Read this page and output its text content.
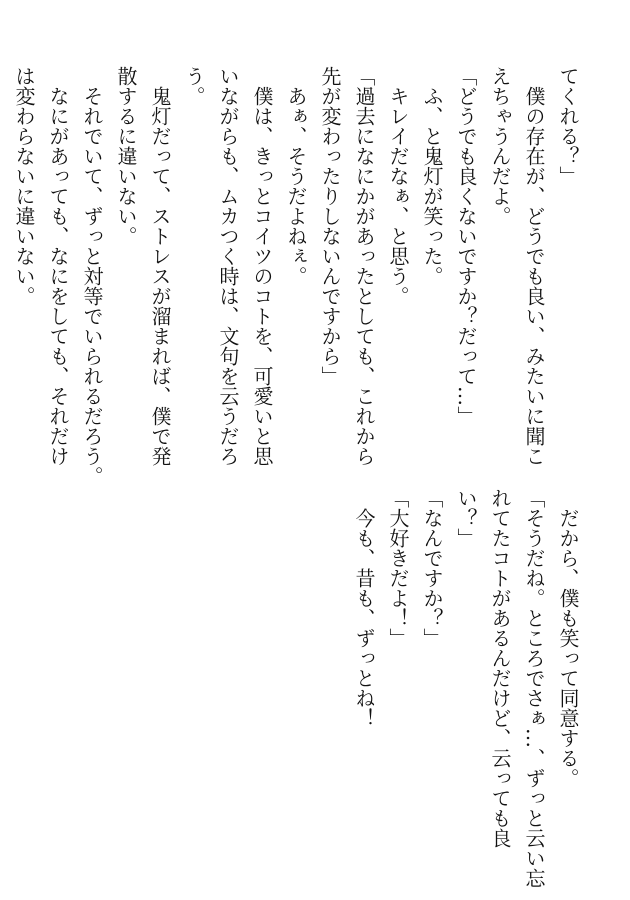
てくれる？」
　僕の存在が、どうでも良い、みたいに聞こ
えちゃうんだよ。
「どうでも良くないですか？だって…」
　ふ、と鬼灯が笑った。
　キレイだなぁ、と思う。
「過去になにかがあったとしても、これから
先が変わったりしないんですから」
　あぁ、そうだよねぇ。
　僕は、きっとコイツのコトを、可愛いと思
いながらも、ムカつく時は、文句を云うだろ
う。
　鬼灯だって、ストレスが溜まれば、僕で発
散するに違いない。
　それでいて、ずっと対等でいられるだろう。
　なにがあっても、なにをしても、それだけ
は変わらないに違いない。
　だから、僕も笑って同意する。
「そうだね。ところでさぁ…、ずっと云い忘
れてたコトがあるんだけど、云っても良
い？」
「なんですか？」
「大好きだよ！」
　今も、昔も、ずっとね！
